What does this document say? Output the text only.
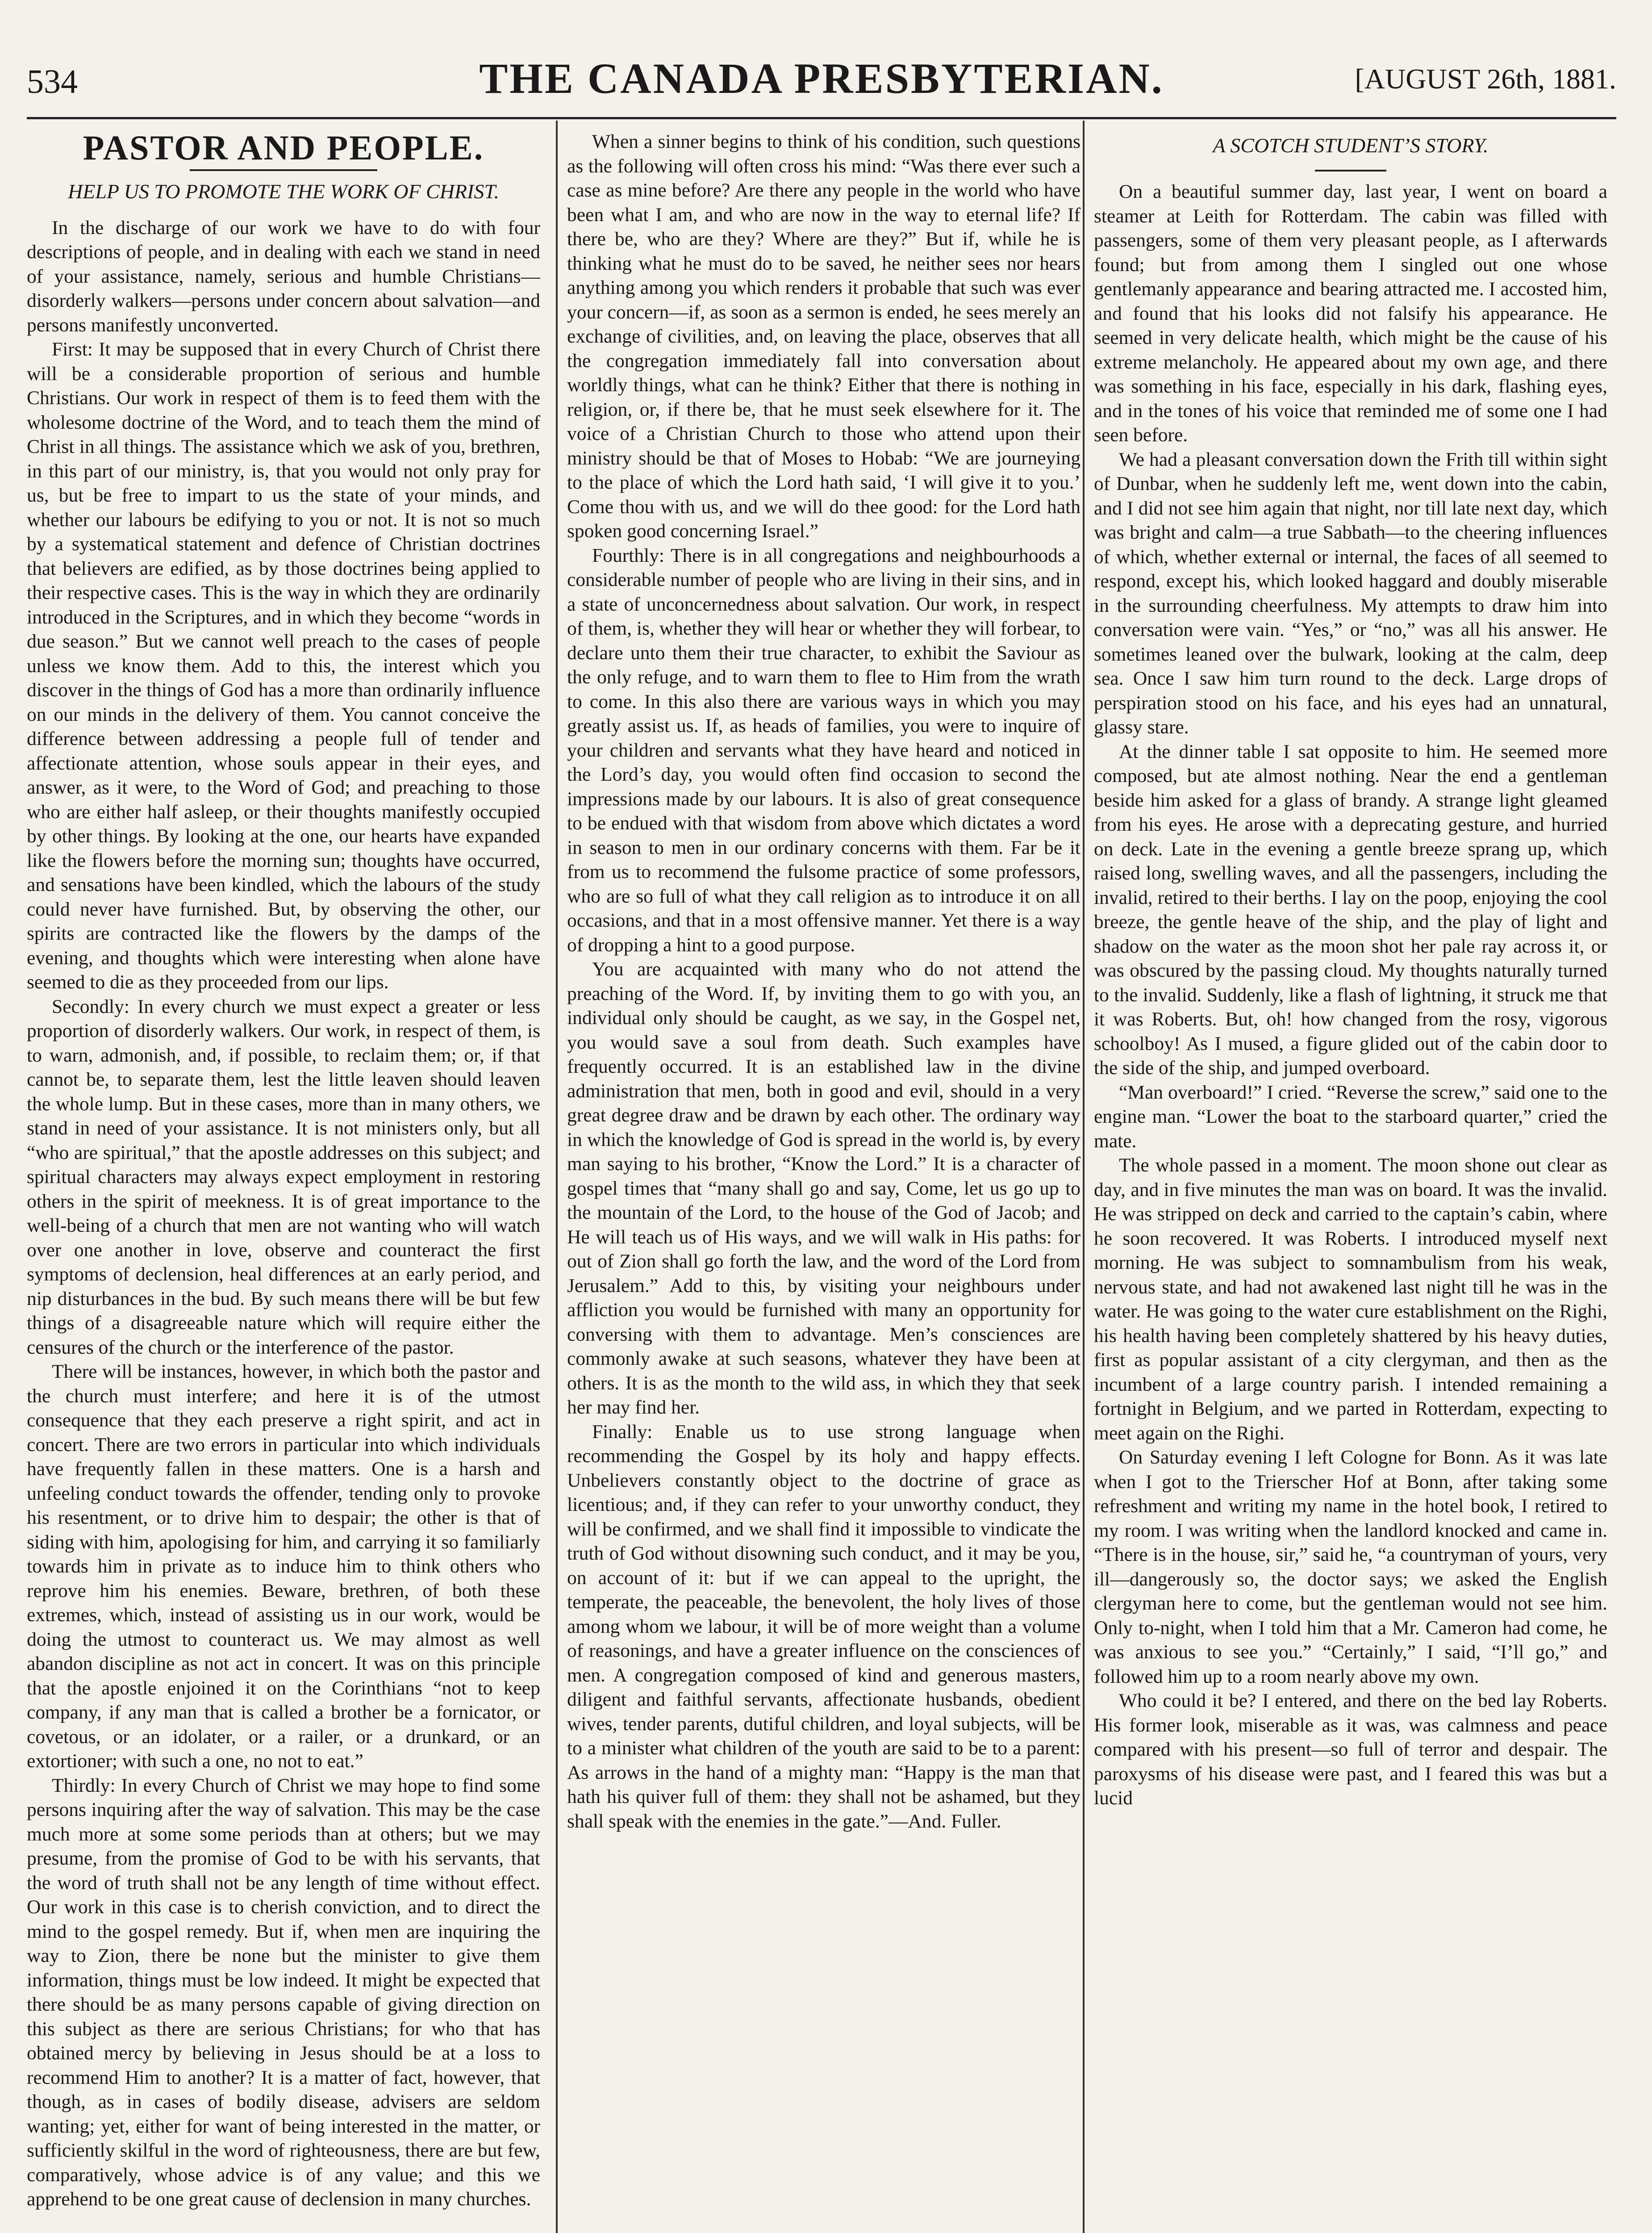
534	THE CANADA PRESBYTERIAN.	[AUGUST 26th, 1881.
PASTOR AND PEOPLE.
HELP US TO PROMOTE THE WORK OF CHRIST.

In the discharge of our work we have to do with four descriptions of people, and in dealing with each we stand in need of your assistance, namely, serious and humble Christians—disorderly walkers—persons under concern about salvation—and persons manifestly unconverted.

First: It may be supposed that in every Church of Christ there will be a considerable proportion of serious and humble Christians. Our work in respect of them is to feed them with the wholesome doctrine of the Word, and to teach them the mind of Christ in all things. The assistance which we ask of you, brethren, in this part of our ministry, is, that you would not only pray for us, but be free to impart to us the state of your minds, and whether our labours be edifying to you or not. It is not so much by a systematical statement and defence of Christian doctrines that believers are edified, as by those doctrines being applied to their respective cases. This is the way in which they are ordinarily introduced in the Scriptures, and in which they become “words in due season.” But we cannot well preach to the cases of people unless we know them. Add to this, the interest which you discover in the things of God has a more than ordinarily influence on our minds in the delivery of them. You cannot conceive the difference between addressing a people full of tender and affectionate attention, whose souls appear in their eyes, and answer, as it were, to the Word of God; and preaching to those who are either half asleep, or their thoughts manifestly occupied by other things. By looking at the one, our hearts have expanded like the flowers before the morning sun; thoughts have occurred, and sensations have been kindled, which the labours of the study could never have furnished. But, by observing the other, our spirits are contracted like the flowers by the damps of the evening, and thoughts which were interesting when alone have seemed to die as they proceeded from our lips.

Secondly: In every church we must expect a greater or less proportion of disorderly walkers. Our work, in respect of them, is to warn, admonish, and, if possible, to reclaim them; or, if that cannot be, to separate them, lest the little leaven should leaven the whole lump. But in these cases, more than in many others, we stand in need of your assistance. It is not ministers only, but all “who are spiritual,” that the apostle addresses on this subject; and spiritual characters may always expect employment in restoring others in the spirit of meekness. It is of great importance to the well-being of a church that men are not wanting who will watch over one another in love, observe and counteract the first symptoms of declension, heal differences at an early period, and nip disturbances in the bud. By such means there will be but few things of a disagreeable nature which will require either the censures of the church or the interference of the pastor.

There will be instances, however, in which both the pastor and the church must interfere; and here it is of the utmost consequence that they each preserve a right spirit, and act in concert. There are two errors in particular into which individuals have frequently fallen in these matters. One is a harsh and unfeeling conduct towards the offender, tending only to provoke his resentment, or to drive him to despair; the other is that of siding with him, apologising for him, and carrying it so familiarly towards him in private as to induce him to think others who reprove him his enemies. Beware, brethren, of both these extremes, which, instead of assisting us in our work, would be doing the utmost to counteract us. We may almost as well abandon discipline as not act in concert. It was on this principle that the apostle enjoined it on the Corinthians “not to keep company, if any man that is called a brother be a fornicator, or covetous, or an idolater, or a railer, or a drunkard, or an extortioner; with such a one, no not to eat.”

Thirdly: In every Church of Christ we may hope to find some persons inquiring after the way of salvation. This may be the case much more at some some periods than at others; but we may presume, from the promise of God to be with his servants, that the word of truth shall not be any length of time without effect. Our work in this case is to cherish conviction, and to direct the mind to the gospel remedy. But if, when men are inquiring the way to Zion, there be none but the minister to give them information, things must be low indeed. It might be expected that there should be as many persons capable of giving direction on this subject as there are serious Christians; for who that has obtained mercy by believing in Jesus should be at a loss to recommend Him to another? It is a matter of fact, however, that though, as in cases of bodily disease, advisers are seldom wanting; yet, either for want of being interested in the matter, or sufficiently skilful in the word of righteousness, there are but few, comparatively, whose advice is of any value; and this we apprehend to be one great cause of declension in many churches.

When a sinner begins to think of his condition, such questions as the following will often cross his mind: “Was there ever such a case as mine before? Are there any people in the world who have been what I am, and who are now in the way to eternal life? If there be, who are they? Where are they?” But if, while he is thinking what he must do to be saved, he neither sees nor hears anything among you which renders it probable that such was ever your concern—if, as soon as a sermon is ended, he sees merely an exchange of civilities, and, on leaving the place, observes that all the congregation immediately fall into conversation about worldly things, what can he think? Either that there is nothing in religion, or, if there be, that he must seek elsewhere for it. The voice of a Christian Church to those who attend upon their ministry should be that of Moses to Hobab: “We are journeying to the place of which the Lord hath said, ‘I will give it to you.’ Come thou with us, and we will do thee good: for the Lord hath spoken good concerning Israel.”

Fourthly: There is in all congregations and neighbourhoods a considerable number of people who are living in their sins, and in a state of unconcernedness about salvation. Our work, in respect of them, is, whether they will hear or whether they will forbear, to declare unto them their true character, to exhibit the Saviour as the only refuge, and to warn them to flee to Him from the wrath to come. In this also there are various ways in which you may greatly assist us. If, as heads of families, you were to inquire of your children and servants what they have heard and noticed in the Lord’s day, you would often find occasion to second the impressions made by our labours. It is also of great consequence to be endued with that wisdom from above which dictates a word in season to men in our ordinary concerns with them. Far be it from us to recommend the fulsome practice of some professors, who are so full of what they call religion as to introduce it on all occasions, and that in a most offensive manner. Yet there is a way of dropping a hint to a good purpose.

You are acquainted with many who do not attend the preaching of the Word. If, by inviting them to go with you, an individual only should be caught, as we say, in the Gospel net, you would save a soul from death. Such examples have frequently occurred. It is an established law in the divine administration that men, both in good and evil, should in a very great degree draw and be drawn by each other. The ordinary way in which the knowledge of God is spread in the world is, by every man saying to his brother, “Know the Lord.” It is a character of gospel times that “many shall go and say, Come, let us go up to the mountain of the Lord, to the house of the God of Jacob; and He will teach us of His ways, and we will walk in His paths: for out of Zion shall go forth the law, and the word of the Lord from Jerusalem.” Add to this, by visiting your neighbours under affliction you would be furnished with many an opportunity for conversing with them to advantage. Men’s consciences are commonly awake at such seasons, whatever they have been at others. It is as the month to the wild ass, in which they that seek her may find her.

Finally: Enable us to use strong language when recommending the Gospel by its holy and happy effects. Unbelievers constantly object to the doctrine of grace as licentious; and, if they can refer to your unworthy conduct, they will be confirmed, and we shall find it impossible to vindicate the truth of God without disowning such conduct, and it may be you, on account of it: but if we can appeal to the upright, the temperate, the peaceable, the benevolent, the holy lives of those among whom we labour, it will be of more weight than a volume of reasonings, and have a greater influence on the consciences of men. A congregation composed of kind and generous masters, diligent and faithful servants, affectionate husbands, obedient wives, tender parents, dutiful children, and loyal subjects, will be to a minister what children of the youth are said to be to a parent: As arrows in the hand of a mighty man: “Happy is the man that hath his quiver full of them: they shall not be ashamed, but they shall speak with the enemies in the gate.”—And. Fuller.

A SCOTCH STUDENT’S STORY.

On a beautiful summer day, last year, I went on board a steamer at Leith for Rotterdam. The cabin was filled with passengers, some of them very pleasant people, as I afterwards found; but from among them I singled out one whose gentlemanly appearance and bearing attracted me. I accosted him, and found that his looks did not falsify his appearance. He seemed in very delicate health, which might be the cause of his extreme melancholy. He appeared about my own age, and there was something in his face, especially in his dark, flashing eyes, and in the tones of his voice that reminded me of some one I had seen before.

We had a pleasant conversation down the Frith till within sight of Dunbar, when he suddenly left me, went down into the cabin, and I did not see him again that night, nor till late next day, which was bright and calm—a true Sabbath—to the cheering influences of which, whether external or internal, the faces of all seemed to respond, except his, which looked haggard and doubly miserable in the surrounding cheerfulness. My attempts to draw him into conversation were vain. “Yes,” or “no,” was all his answer. He sometimes leaned over the bulwark, looking at the calm, deep sea. Once I saw him turn round to the deck. Large drops of perspiration stood on his face, and his eyes had an unnatural, glassy stare.

At the dinner table I sat opposite to him. He seemed more composed, but ate almost nothing. Near the end a gentleman beside him asked for a glass of brandy. A strange light gleamed from his eyes. He arose with a deprecating gesture, and hurried on deck. Late in the evening a gentle breeze sprang up, which raised long, swelling waves, and all the passengers, including the invalid, retired to their berths. I lay on the poop, enjoying the cool breeze, the gentle heave of the ship, and the play of light and shadow on the water as the moon shot her pale ray across it, or was obscured by the passing cloud. My thoughts naturally turned to the invalid. Suddenly, like a flash of lightning, it struck me that it was Roberts. But, oh! how changed from the rosy, vigorous schoolboy! As I mused, a figure glided out of the cabin door to the side of the ship, and jumped overboard.

“Man overboard!” I cried. “Reverse the screw,” said one to the engine man. “Lower the boat to the starboard quarter,” cried the mate.

The whole passed in a moment. The moon shone out clear as day, and in five minutes the man was on board. It was the invalid. He was stripped on deck and carried to the captain’s cabin, where he soon recovered. It was Roberts. I introduced myself next morning. He was subject to somnambulism from his weak, nervous state, and had not awakened last night till he was in the water. He was going to the water cure establishment on the Righi, his health having been completely shattered by his heavy duties, first as popular assistant of a city clergyman, and then as the incumbent of a large country parish. I intended remaining a fortnight in Belgium, and we parted in Rotterdam, expecting to meet again on the Righi.

On Saturday evening I left Cologne for Bonn. As it was late when I got to the Trierscher Hof at Bonn, after taking some refreshment and writing my name in the hotel book, I retired to my room. I was writing when the landlord knocked and came in. “There is in the house, sir,” said he, “a countryman of yours, very ill—dangerously so, the doctor says; we asked the English clergyman here to come, but the gentleman would not see him. Only to-night, when I told him that a Mr. Cameron had come, he was anxious to see you.” “Certainly,” I said, “I’ll go,” and followed him up to a room nearly above my own.

Who could it be? I entered, and there on the bed lay Roberts. His former look, miserable as it was, was calmness and peace compared with his present—so full of terror and despair. The paroxysms of his disease were past, and I feared this was but a lucid
